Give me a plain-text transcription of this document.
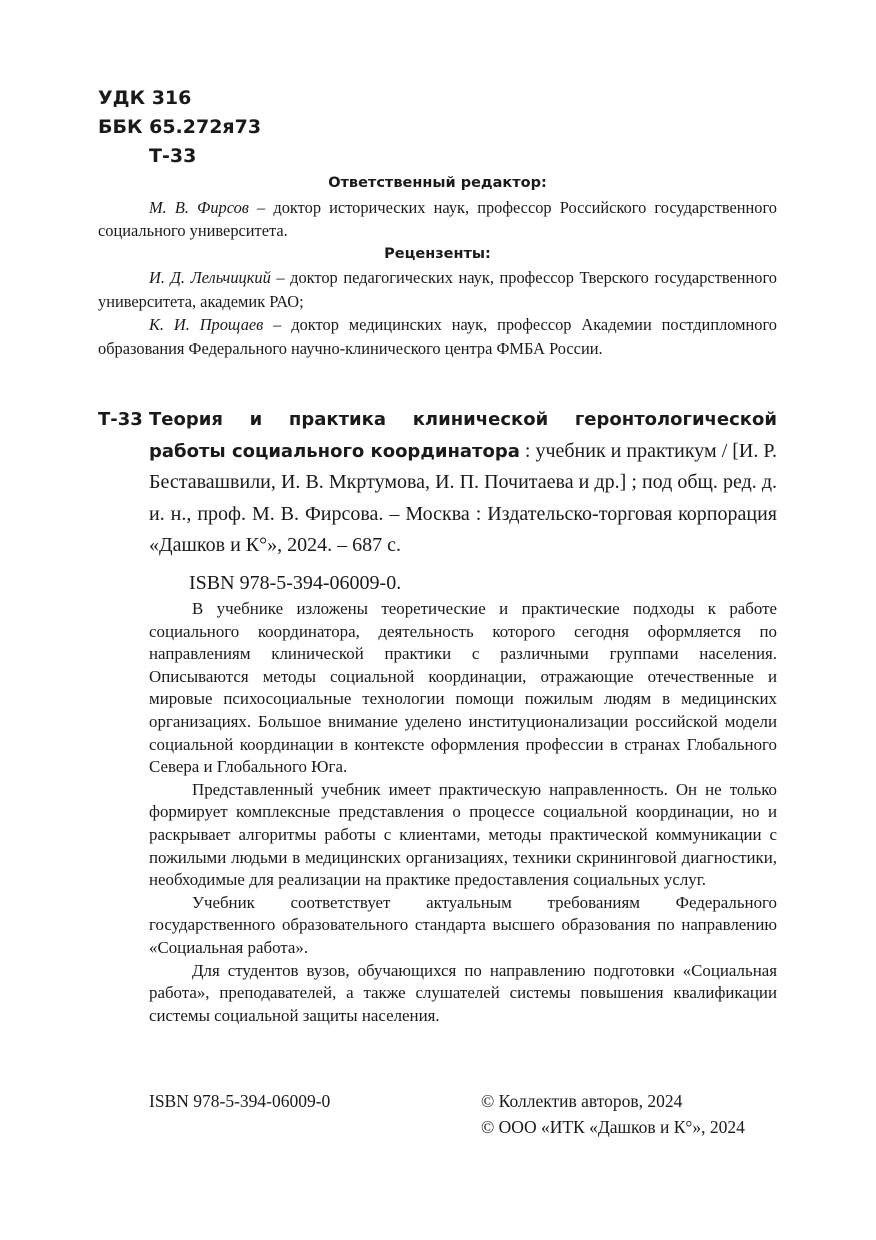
УДК 316
ББК 65.272я73
Т-33
Ответственный редактор:
М. В. Фирсов – доктор исторических наук, профессор Российского государственного социального университета.
Рецензенты:
И. Д. Лельчицкий – доктор педагогических наук, профессор Тверского государственного университета, академик РАО;
К. И. Прощаев – доктор медицинских наук, профессор Академии постдипломного образования Федерального научно-клинического центра ФМБА России.
Т-33 Теория и практика клинической геронтологической работы социального координатора : учебник и практикум / [И. Р. Беставашвили, И. В. Мкртумова, И. П. Почитаева и др.] ; под общ. ред. д. и. н., проф. М. В. Фирсова. – Москва : Издательско-торговая корпорация «Дашков и К°», 2024. – 687 с.
ISBN 978-5-394-06009-0.
В учебнике изложены теоретические и практические подходы к работе социального координатора, деятельность которого сегодня оформляется по направлениям клинической практики с различными группами населения. Описываются методы социальной координации, отражающие отечественные и мировые психосоциальные технологии помощи пожилым людям в медицинских организациях. Большое внимание уделено институционализации российской модели социальной координации в контексте оформления профессии в странах Глобального Севера и Глобального Юга.
Представленный учебник имеет практическую направленность. Он не только формирует комплексные представления о процессе социальной координации, но и раскрывает алгоритмы работы с клиентами, методы практической коммуникации с пожилыми людьми в медицинских организациях, техники скрининговой диагностики, необходимые для реализации на практике предоставления социальных услуг.
Учебник соответствует актуальным требованиям Федерального государственного образовательного стандарта высшего образования по направлению «Социальная работа».
Для студентов вузов, обучающихся по направлению подготовки «Социальная работа», преподавателей, а также слушателей системы повышения квалификации системы социальной защиты населения.
ISBN 978-5-394-06009-0	© Коллектив авторов, 2024
© ООО «ИТК «Дашков и К°», 2024
